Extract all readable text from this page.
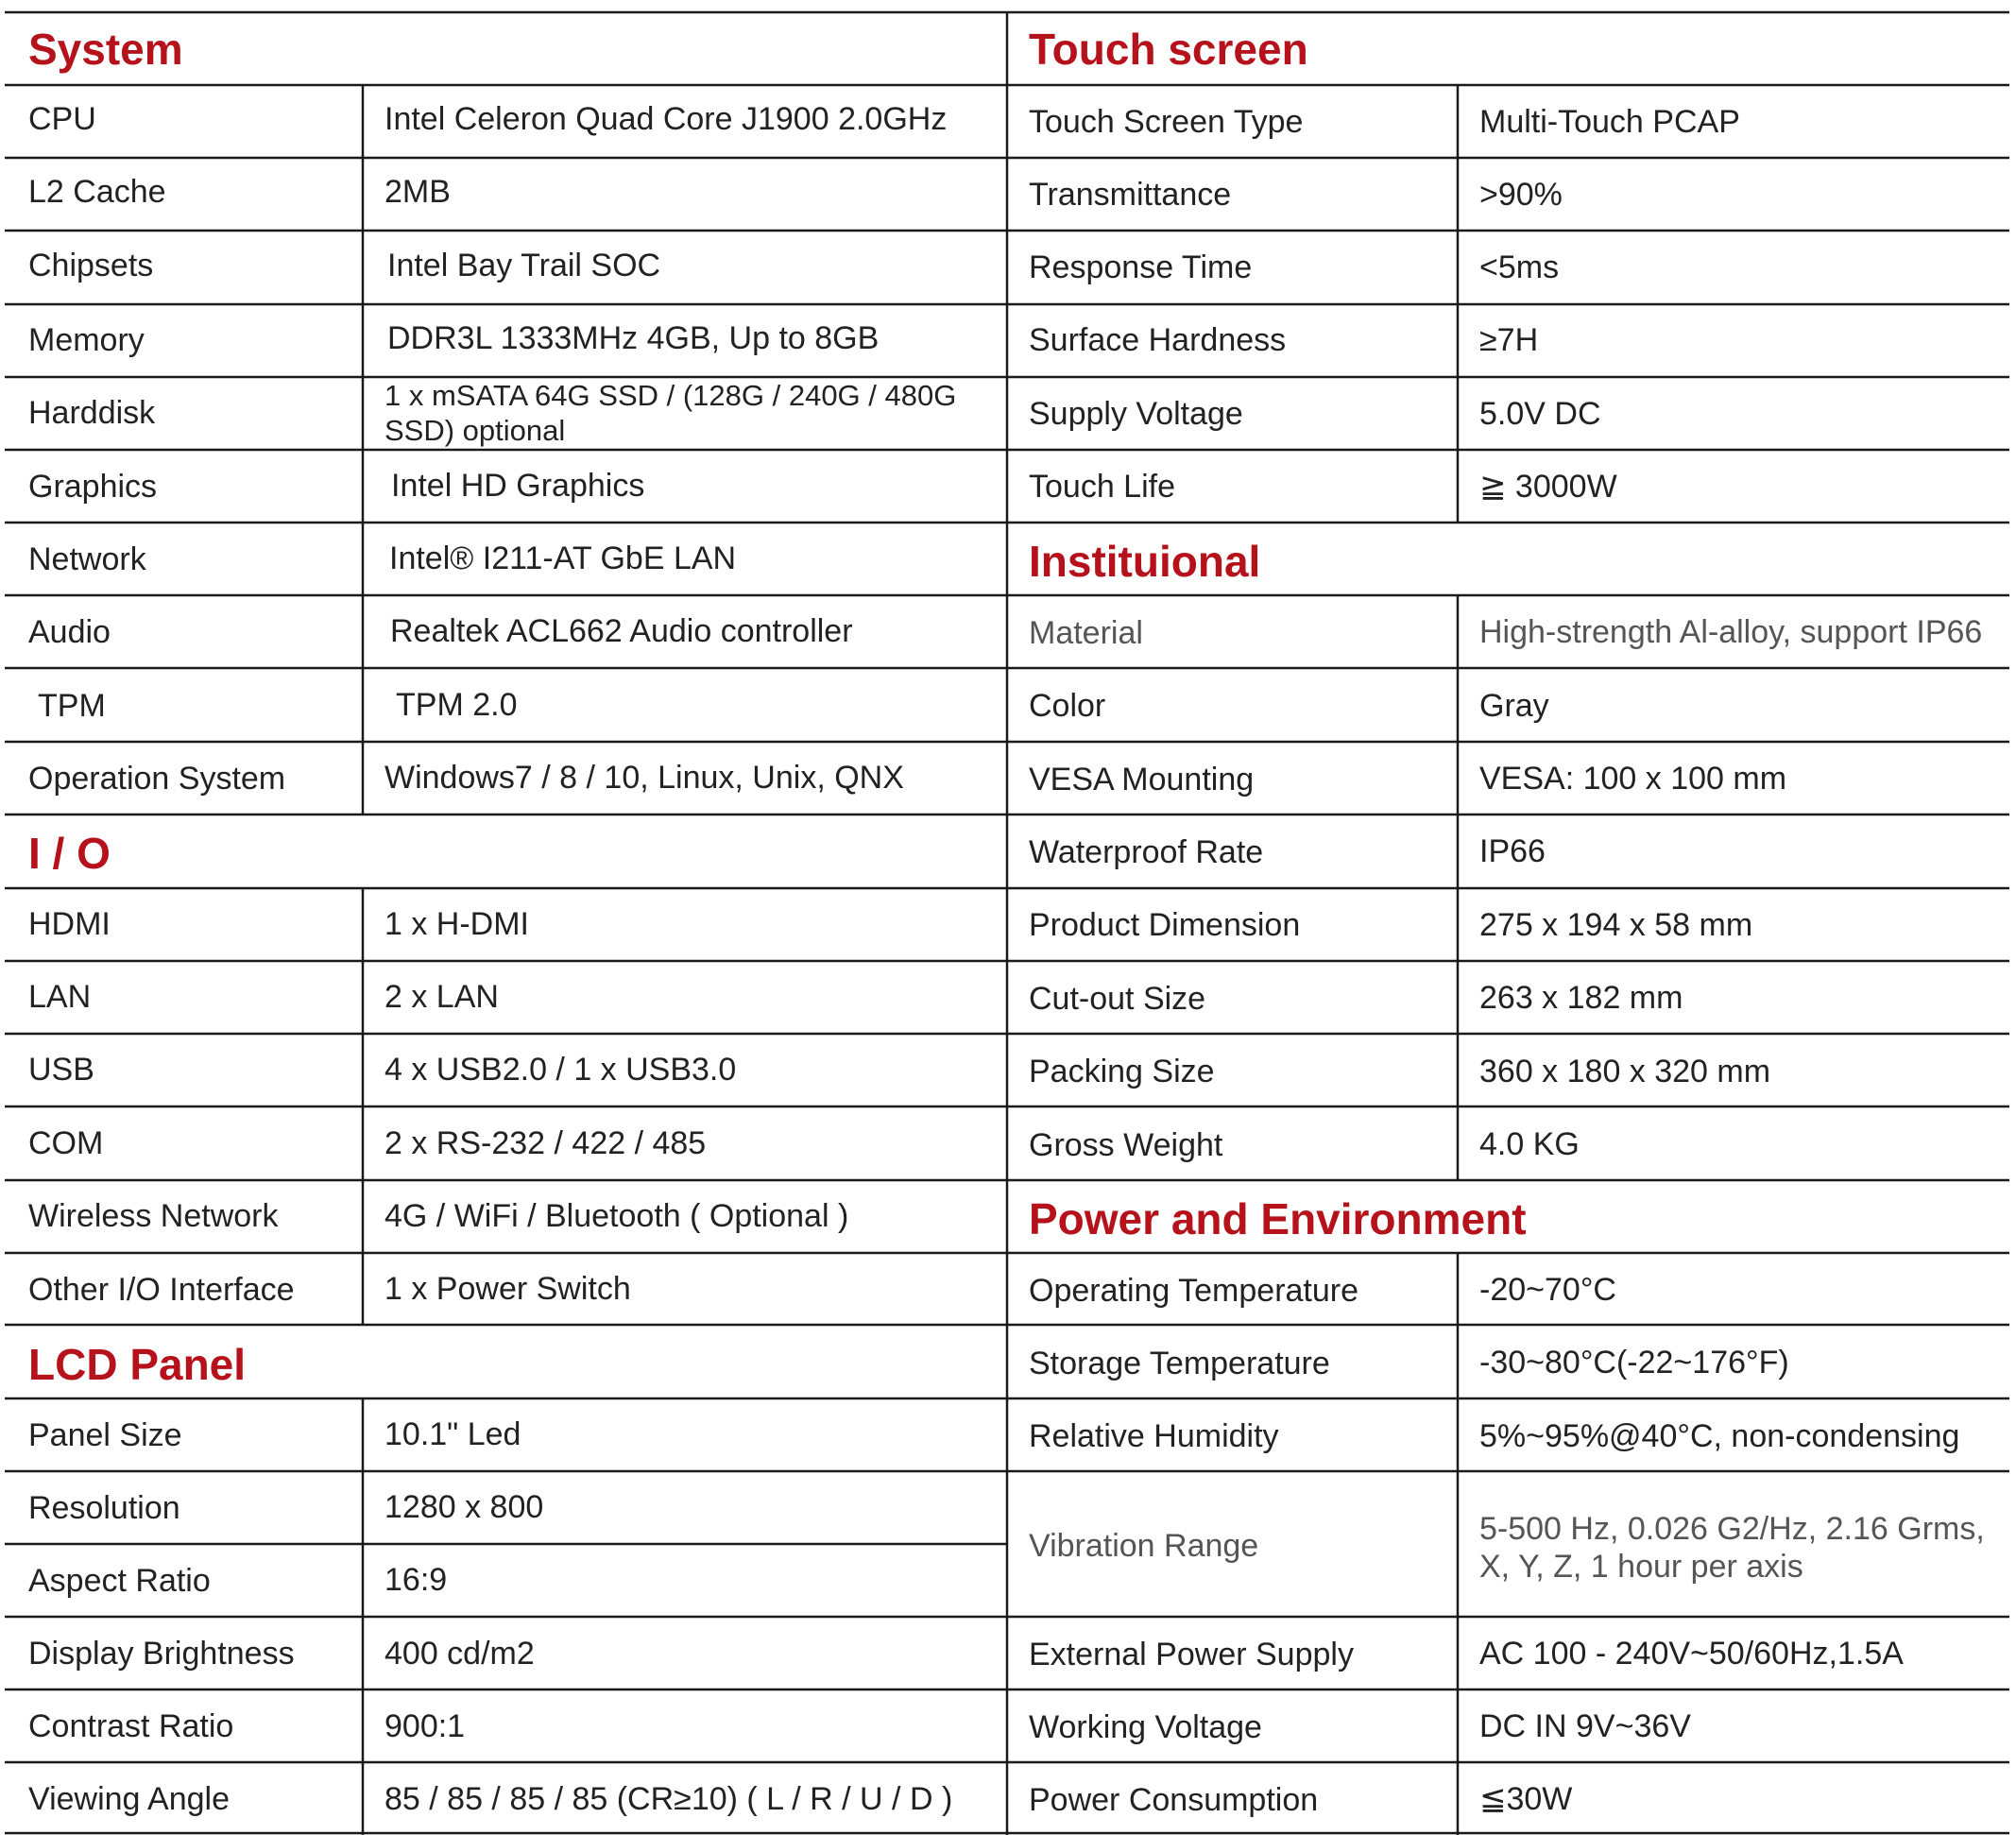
System
CPU	Intel Celeron Quad Core J1900 2.0GHz
L2 Cache	2MB
Chipsets	Intel Bay Trail SOC
Memory	DDR3L 1333MHz 4GB, Up to 8GB
Harddisk	1 x mSATA 64G SSD / (128G / 240G / 480G SSD) optional
Graphics	Intel HD Graphics
Network	Intel® I211-AT GbE LAN
Audio	Realtek ACL662 Audio controller
TPM	TPM 2.0
Operation System	Windows7 / 8 / 10, Linux, Unix, QNX
I / O
HDMI	1 x H-DMI
LAN	2 x LAN
USB	4 x USB2.0 / 1 x USB3.0
COM	2 x RS-232 / 422 / 485
Wireless Network	4G / WiFi / Bluetooth ( Optional )
Other I/O Interface	1 x Power Switch
LCD Panel
Panel Size	10.1" Led
Resolution	1280 x 800
Aspect Ratio	16:9
Display Brightness	400 cd/m2
Contrast Ratio	900:1
Viewing Angle	85 / 85 / 85 / 85 (CR≥10) ( L / R / U / D )
Touch screen
Touch Screen Type	Multi-Touch PCAP
Transmittance	>90%
Response Time	<5ms
Surface Hardness	≥7H
Supply Voltage	5.0V DC
Touch Life	≧ 3000W
Instituional
Material	High-strength Al-alloy, support IP66
Color	Gray
VESA Mounting	VESA: 100 x 100 mm
Waterproof Rate	IP66
Product Dimension	275 x 194 x 58 mm
Cut-out Size	263 x 182 mm
Packing Size	360 x 180 x 320 mm
Gross Weight	4.0 KG
Power and Environment
Operating Temperature	-20~70°C
Storage Temperature	-30~80°C(-22~176°F)
Relative Humidity	5%~95%@40°C, non-condensing
Vibration Range	5-500 Hz, 0.026 G2/Hz, 2.16 Grms, X, Y, Z, 1 hour per axis
External Power Supply	AC 100 - 240V~50/60Hz,1.5A
Working Voltage	DC IN 9V~36V
Power Consumption	≦30W
